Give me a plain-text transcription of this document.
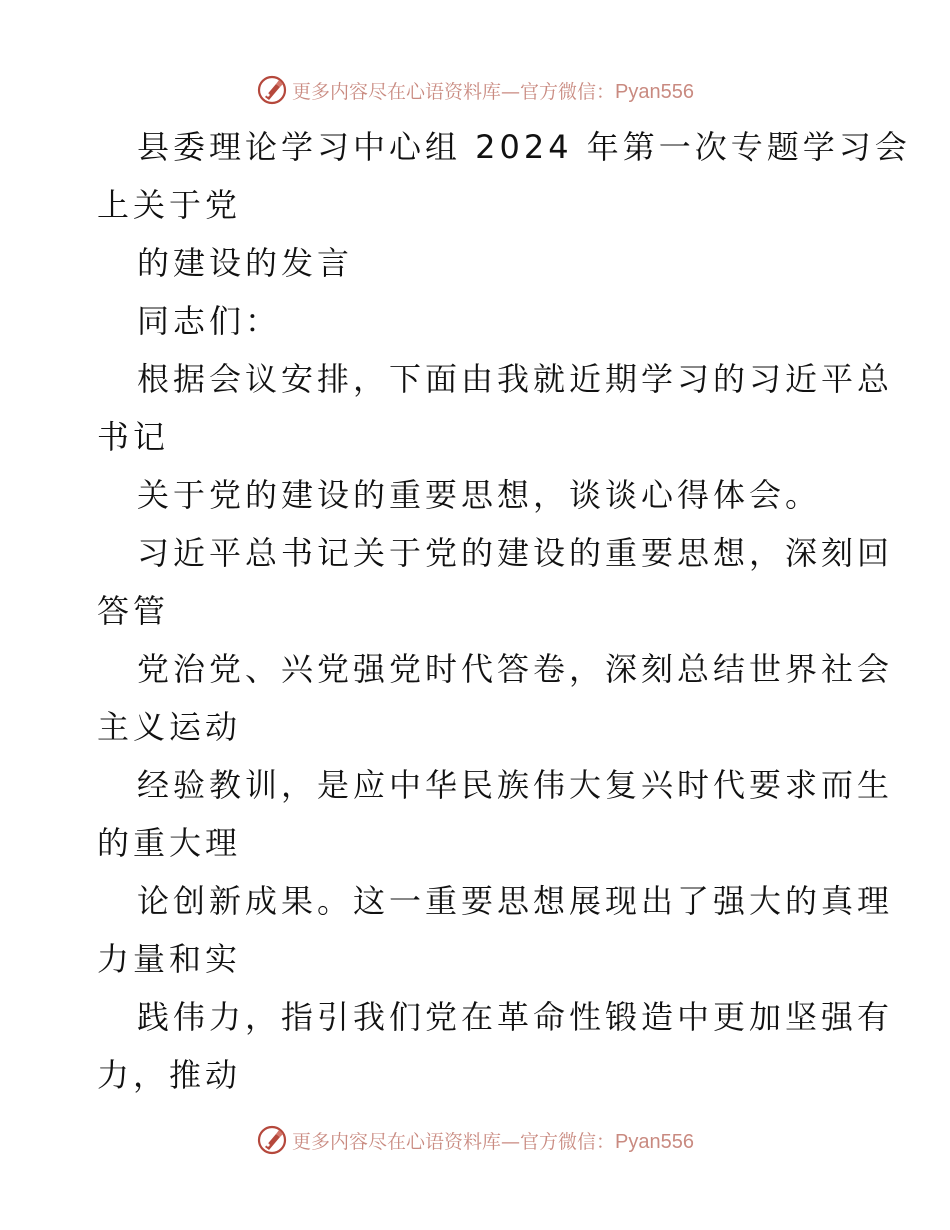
更多内容尽在心语资料库—官方微信：Pyan556
县委理论学习中心组 2024 年第一次专题学习会
上关于党
的建设的发言
同志们：
根据会议安排，下面由我就近期学习的习近平总
书记
关于党的建设的重要思想，谈谈心得体会。
习近平总书记关于党的建设的重要思想，深刻回
答管
党治党、兴党强党时代答卷，深刻总结世界社会
主义运动
经验教训，是应中华民族伟大复兴时代要求而生
的重大理
论创新成果。这一重要思想展现出了强大的真理
力量和实
践伟力，指引我们党在革命性锻造中更加坚强有
力，推动
更多内容尽在心语资料库—官方微信：Pyan556
